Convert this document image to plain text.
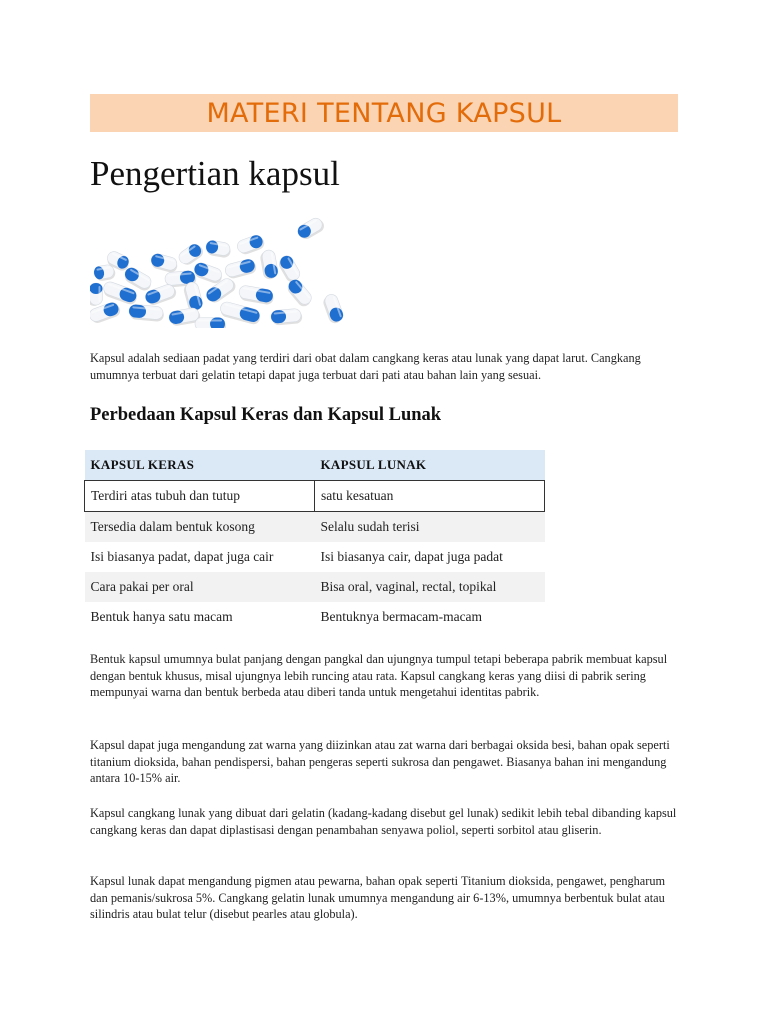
MATERI TENTANG KAPSUL
Pengertian kapsul

Kapsul adalah sediaan padat yang terdiri dari obat dalam cangkang keras atau lunak yang dapat larut. Cangkang umumnya terbuat dari gelatin tetapi dapat juga terbuat dari pati atau bahan lain yang sesuai.

Perbedaan Kapsul Keras dan Kapsul Lunak
KAPSUL KERAS	KAPSUL LUNAK
Terdiri atas tubuh dan tutup	satu kesatuan
Tersedia dalam bentuk kosong	Selalu sudah terisi
Isi biasanya padat, dapat juga cair	Isi biasanya cair, dapat juga padat
Cara pakai per oral	Bisa oral, vaginal, rectal, topikal
Bentuk hanya satu macam	Bentuknya bermacam-macam

Bentuk kapsul umumnya bulat panjang dengan pangkal dan ujungnya tumpul tetapi beberapa pabrik membuat kapsul dengan bentuk khusus, misal ujungnya lebih runcing atau rata. Kapsul cangkang keras yang diisi di pabrik sering mempunyai warna dan bentuk berbeda atau diberi tanda untuk mengetahui identitas pabrik.

Kapsul dapat juga mengandung zat warna yang diizinkan atau zat warna dari berbagai oksida besi, bahan opak seperti titanium dioksida, bahan pendispersi, bahan pengeras seperti sukrosa dan pengawet. Biasanya bahan ini mengandung antara 10-15% air.

Kapsul cangkang lunak yang dibuat dari gelatin (kadang-kadang disebut gel lunak) sedikit lebih tebal dibanding kapsul cangkang keras dan dapat diplastisasi dengan penambahan senyawa poliol, seperti sorbitol atau gliserin.

Kapsul lunak dapat mengandung pigmen atau pewarna, bahan opak seperti Titanium dioksida, pengawet, pengharum dan pemanis/sukrosa 5%. Cangkang gelatin lunak umumnya mengandung air 6-13%, umumnya berbentuk bulat atau silindris atau bulat telur (disebut pearles atau globula).
